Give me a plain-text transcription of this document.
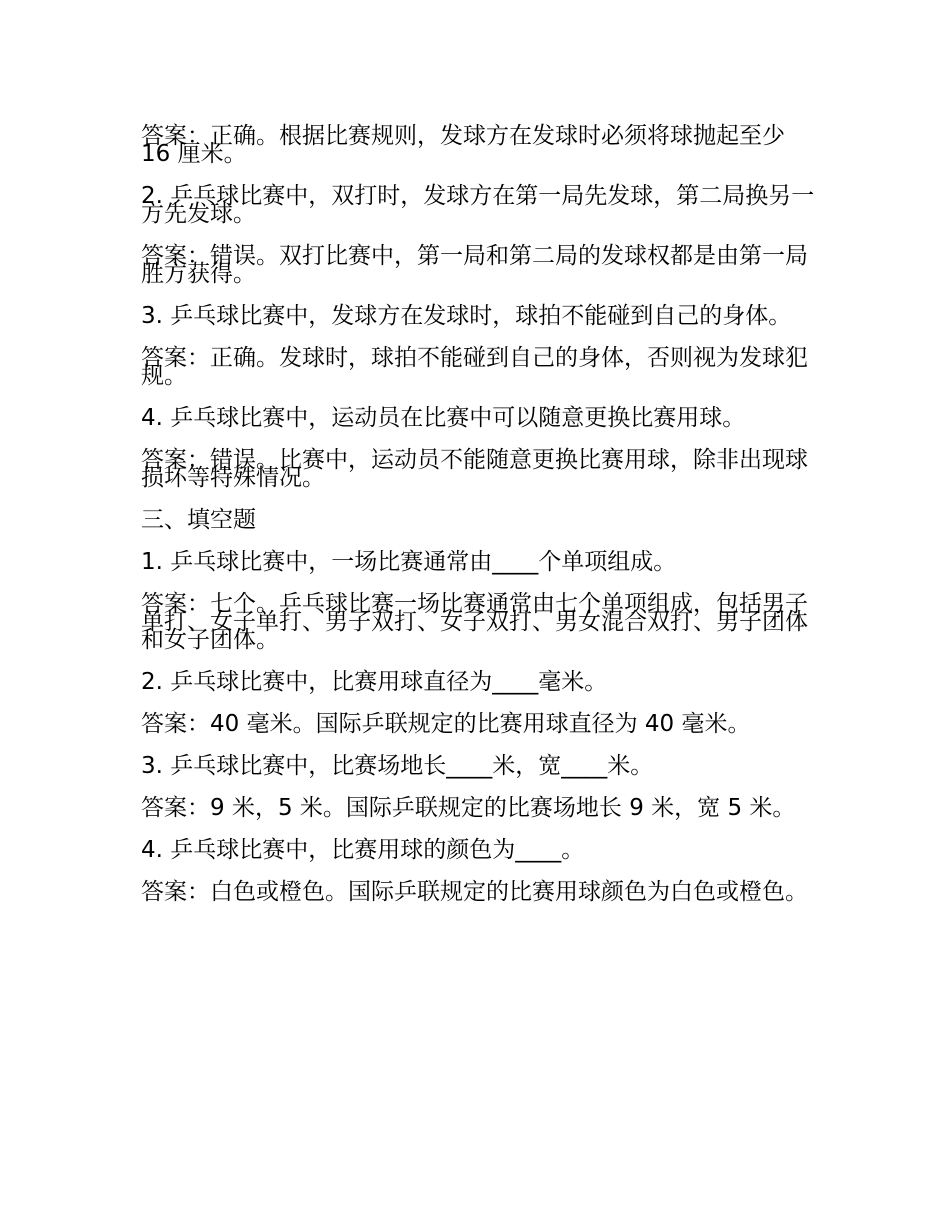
答案：正确。根据比赛规则，发球方在发球时必须将球抛起至少 16 厘米。

2. 乒乓球比赛中，双打时，发球方在第一局先发球，第二局换另一方先发球。

答案：错误。双打比赛中，第一局和第二局的发球权都是由第一局胜方获得。

3. 乒乓球比赛中，发球方在发球时，球拍不能碰到自己的身体。

答案：正确。发球时，球拍不能碰到自己的身体，否则视为发球犯规。

4. 乒乓球比赛中，运动员在比赛中可以随意更换比赛用球。

答案：错误。比赛中，运动员不能随意更换比赛用球，除非出现球损坏等特殊情况。

三、填空题

1. 乒乓球比赛中，一场比赛通常由____个单项组成。

答案：七个。乒乓球比赛一场比赛通常由七个单项组成，包括男子单打、女子单打、男子双打、女子双打、男女混合双打、男子团体和女子团体。

2. 乒乓球比赛中，比赛用球直径为____毫米。

答案：40 毫米。国际乒联规定的比赛用球直径为 40 毫米。

3. 乒乓球比赛中，比赛场地长____米，宽____米。

答案：9 米，5 米。国际乒联规定的比赛场地长 9 米，宽 5 米。

4. 乒乓球比赛中，比赛用球的颜色为____。

答案：白色或橙色。国际乒联规定的比赛用球颜色为白色或橙色。
